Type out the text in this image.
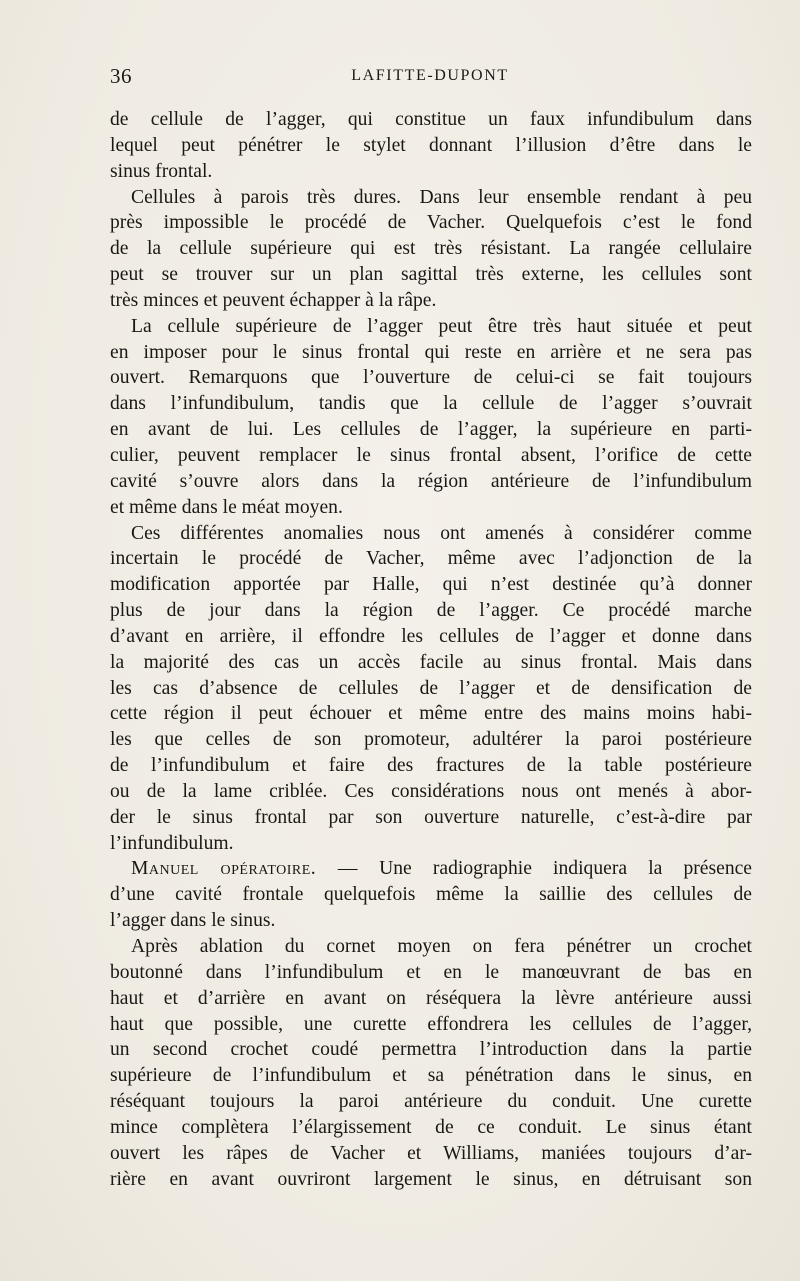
36	LAFITTE-DUPONT
de cellule de l’agger, qui constitue un faux infundibulum dans
lequel peut pénétrer le stylet donnant l’illusion d’être dans le
sinus frontal.
Cellules à parois très dures. Dans leur ensemble rendant à peu
près impossible le procédé de Vacher. Quelquefois c’est le fond
de la cellule supérieure qui est très résistant. La rangée cellulaire
peut se trouver sur un plan sagittal très externe, les cellules sont
très minces et peuvent échapper à la râpe.
La cellule supérieure de l’agger peut être très haut située et peut
en imposer pour le sinus frontal qui reste en arrière et ne sera pas
ouvert. Remarquons que l’ouverture de celui-ci se fait toujours
dans l’infundibulum, tandis que la cellule de l’agger s’ouvrait
en avant de lui. Les cellules de l’agger, la supérieure en parti-
culier, peuvent remplacer le sinus frontal absent, l’orifice de cette
cavité s’ouvre alors dans la région antérieure de l’infundibulum
et même dans le méat moyen.
Ces différentes anomalies nous ont amenés à considérer comme
incertain le procédé de Vacher, même avec l’adjonction de la
modification apportée par Halle, qui n’est destinée qu’à donner
plus de jour dans la région de l’agger. Ce procédé marche
d’avant en arrière, il effondre les cellules de l’agger et donne dans
la majorité des cas un accès facile au sinus frontal. Mais dans
les cas d’absence de cellules de l’agger et de densification de
cette région il peut échouer et même entre des mains moins habi-
les que celles de son promoteur, adultérer la paroi postérieure
de l’infundibulum et faire des fractures de la table postérieure
ou de la lame criblée. Ces considérations nous ont menés à abor-
der le sinus frontal par son ouverture naturelle, c’est-à-dire par
l’infundibulum.
Manuel opératoire. — Une radiographie indiquera la présence
d’une cavité frontale quelquefois même la saillie des cellules de
l’agger dans le sinus.
Après ablation du cornet moyen on fera pénétrer un crochet
boutonné dans l’infundibulum et en le manœuvrant de bas en
haut et d’arrière en avant on réséquera la lèvre antérieure aussi
haut que possible, une curette effondrera les cellules de l’agger,
un second crochet coudé permettra l’introduction dans la partie
supérieure de l’infundibulum et sa pénétration dans le sinus, en
réséquant toujours la paroi antérieure du conduit. Une curette
mince complètera l’élargissement de ce conduit. Le sinus étant
ouvert les râpes de Vacher et Williams, maniées toujours d’ar-
rière en avant ouvriront largement le sinus, en détruisant son
